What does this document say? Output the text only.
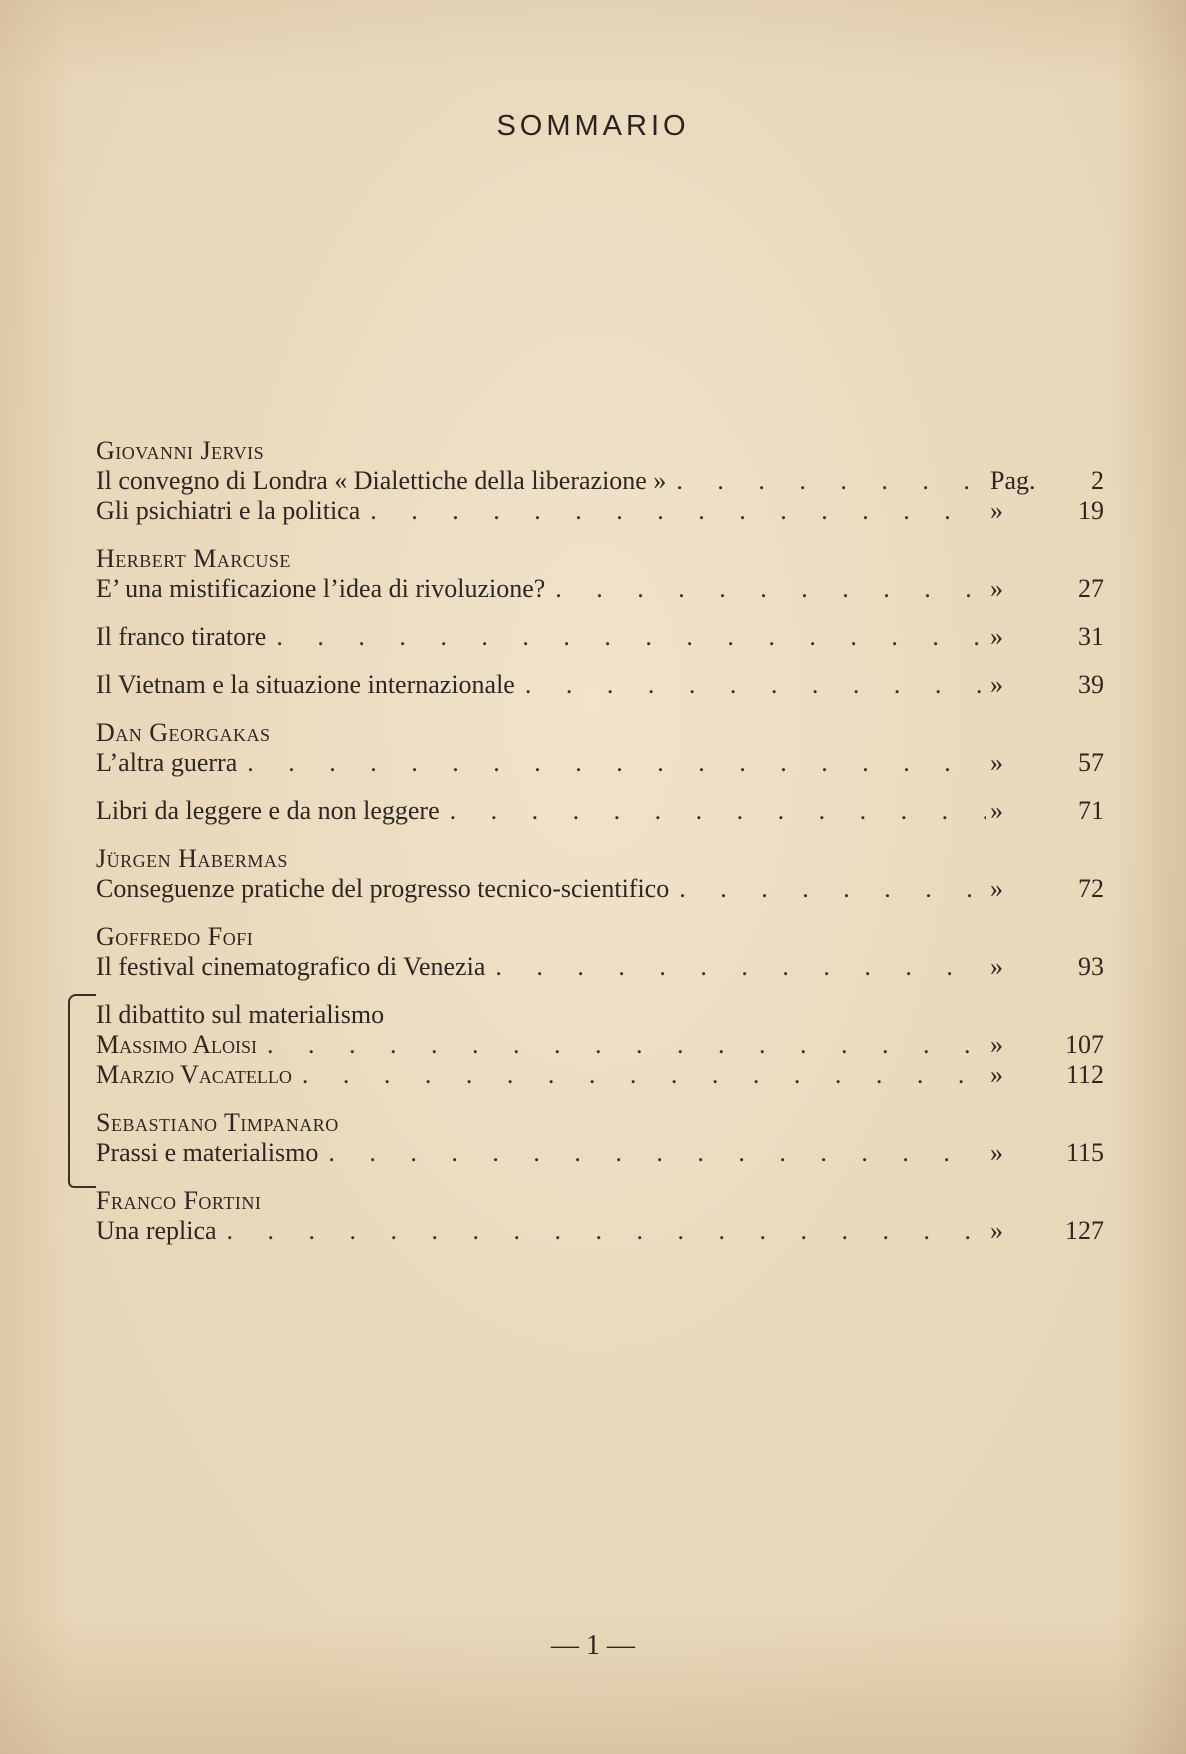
SOMMARIO
Giovanni Jervis
Il convegno di Londra « Dialettiche della liberazione » . . .	Pag.	2
Gli psichiatri e la politica . . .	»	19
Herbert Marcuse
E’ una mistificazione l’idea di rivoluzione? . . .	»	27
Il franco tiratore . . .	»	31
Il Vietnam e la situazione internazionale . . .	»	39
Dan Georgakas
L’altra guerra . . .	»	57
Libri da leggere e da non leggere . . .	»	71
Jürgen Habermas
Conseguenze pratiche del progresso tecnico-scientifico . . .	»	72
Goffredo Fofi
Il festival cinematografico di Venezia . . .	»	93
Il dibattito sul materialismo
Massimo Aloisi . . .	»	107
Marzio Vacatello . . .	»	112
Sebastiano Timpanaro
Prassi e materialismo . . .	»	115
Franco Fortini
Una replica . . .	»	127
— 1 —
